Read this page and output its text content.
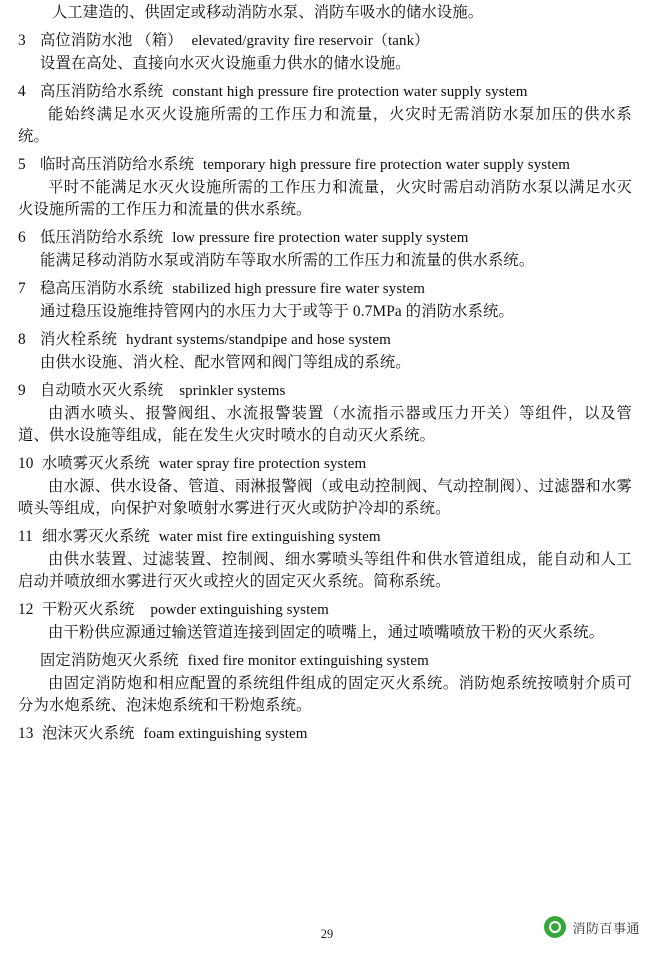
人工建造的、供固定或移动消防水泵、消防车吸水的储水设施。

3 高位消防水池 （箱） elevated/gravity fire reservoir（tank）

设置在高处、直接向水灭火设施重力供水的储水设施。

4 高压消防给水系统 constant high pressure fire protection water supply system

能始终满足水灭火设施所需的工作压力和流量，火灾时无需消防水泵加压的供水系统。

5 临时高压消防给水系统 temporary high pressure fire protection water supply system

平时不能满足水灭火设施所需的工作压力和流量，火灾时需启动消防水泵以满足水灭火设施所需的工作压力和流量的供水系统。

6 低压消防给水系统 low pressure fire protection water supply system

能满足移动消防水泵或消防车等取水所需的工作压力和流量的供水系统。

7 稳高压消防水系统 stabilized high pressure fire water system

通过稳压设施维持管网内的水压力大于或等于 0.7MPa 的消防水系统。

8 消火栓系统 hydrant systems/standpipe and hose system

由供水设施、消火栓、配水管网和阀门等组成的系统。

9 自动喷水灭火系统 sprinkler systems

由洒水喷头、报警阀组、水流报警装置（水流指示器或压力开关）等组件，以及管道、供水设施等组成，能在发生火灾时喷水的自动灭火系统。

10 水喷雾灭火系统 water spray fire protection system

由水源、供水设备、管道、雨淋报警阀（或电动控制阀、气动控制阀）、过滤器和水雾喷头等组成，向保护对象喷射水雾进行灭火或防护冷却的系统。

11 细水雾灭火系统 water mist fire extinguishing system

由供水装置、过滤装置、控制阀、细水雾喷头等组件和供水管道组成，能自动和人工启动并喷放细水雾进行灭火或控火的固定灭火系统。简称系统。

12 干粉灭火系统 powder extinguishing system

由干粉供应源通过输送管道连接到固定的喷嘴上，通过喷嘴喷放干粉的灭火系统。

固定消防炮灭火系统 fixed fire monitor extinguishing system

由固定消防炮和相应配置的系统组件组成的固定灭火系统。消防炮系统按喷射介质可分为水炮系统、泡沫炮系统和干粉炮系统。

13 泡沫灭火系统 foam extinguishing system
29	消防百事通
